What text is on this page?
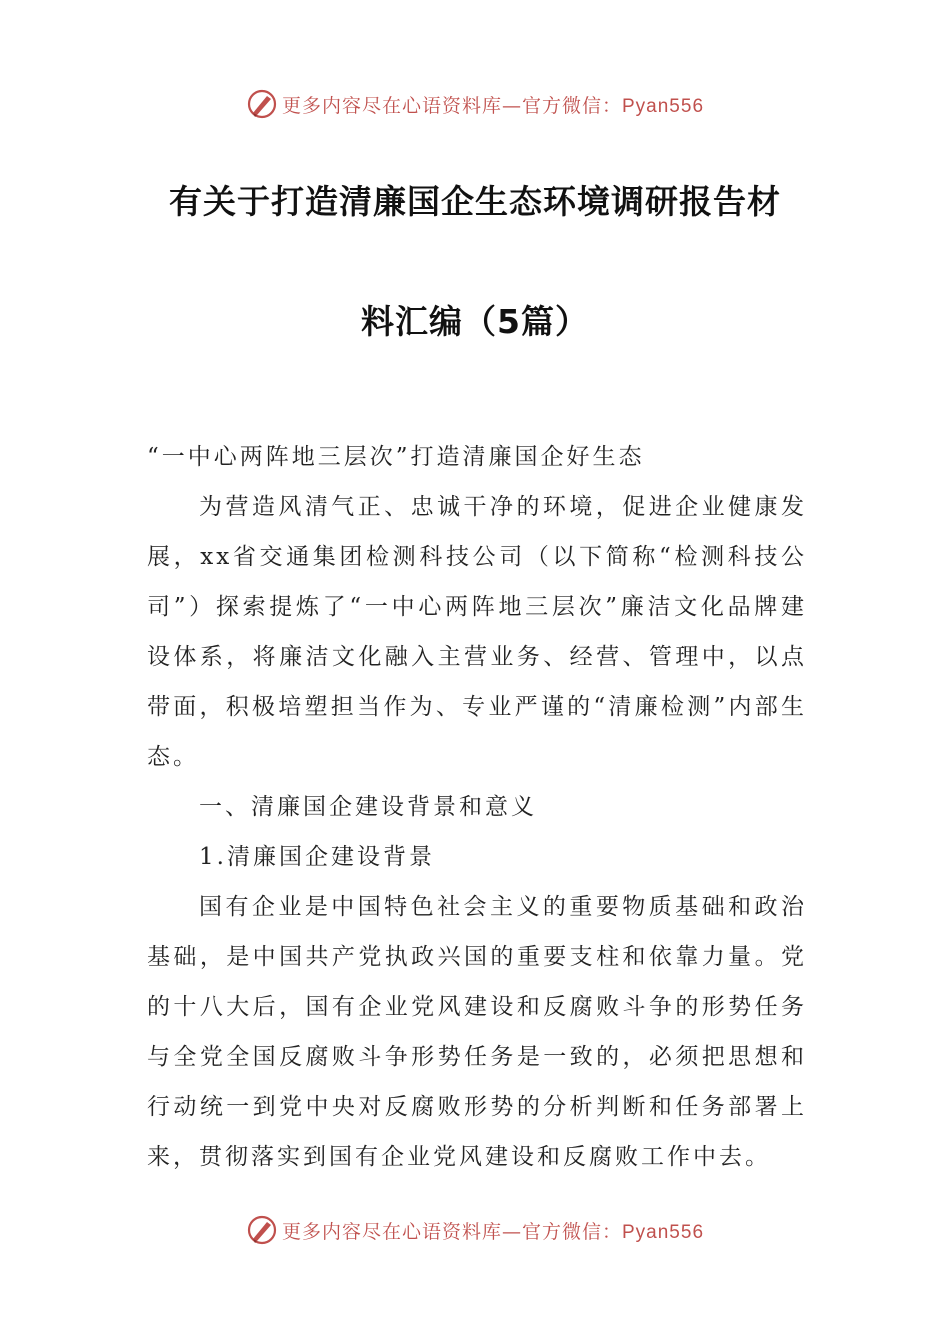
更多内容尽在心语资料库—官方微信：Pyan556
有关于打造清廉国企生态环境调研报告材
料汇编（5篇）

“一中心两阵地三层次”打造清廉国企好生态

为营造风清气正、忠诚干净的环境，促进企业健康发展，xx省交通集团检测科技公司（以下简称“检测科技公司”）探索提炼了“一中心两阵地三层次”廉洁文化品牌建设体系，将廉洁文化融入主营业务、经营、管理中，以点带面，积极培塑担当作为、专业严谨的“清廉检测”内部生态。

一、清廉国企建设背景和意义

1.清廉国企建设背景

国有企业是中国特色社会主义的重要物质基础和政治基础，是中国共产党执政兴国的重要支柱和依靠力量。党的十八大后，国有企业党风建设和反腐败斗争的形势任务与全党全国反腐败斗争形势任务是一致的，必须把思想和行动统一到党中央对反腐败形势的分析判断和任务部署上来，贯彻落实到国有企业党风建设和反腐败工作中去。

更多内容尽在心语资料库—官方微信：Pyan556
